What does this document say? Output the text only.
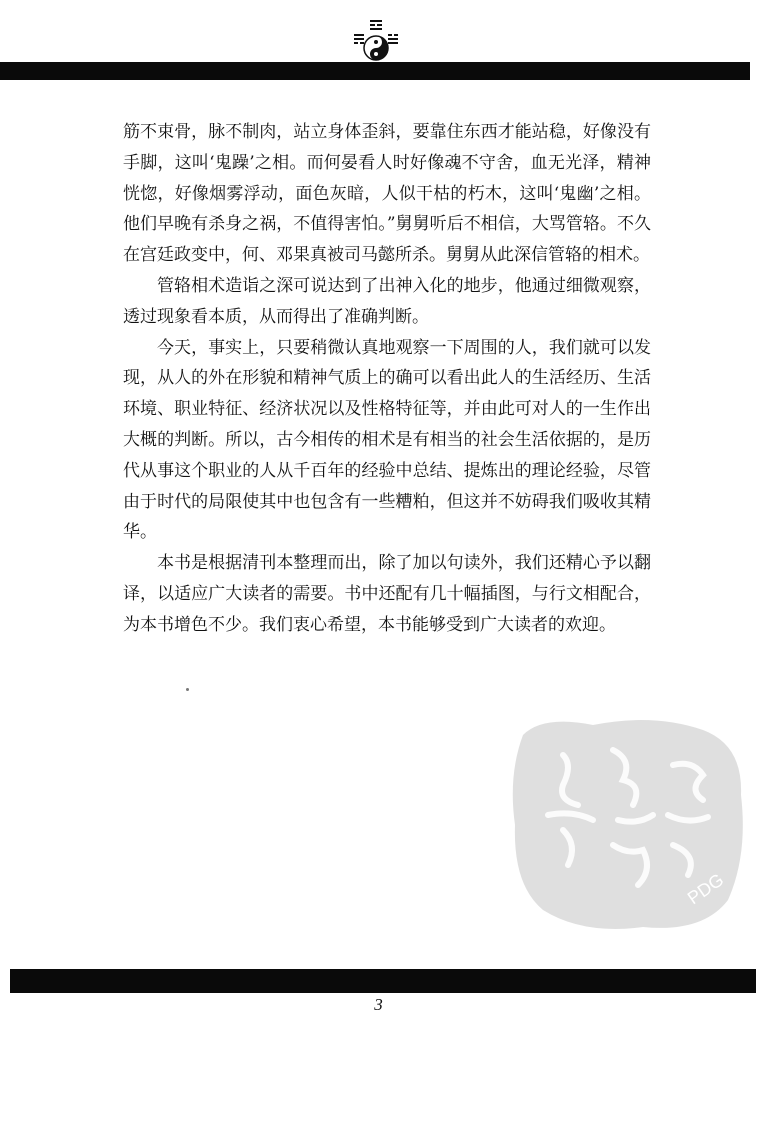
筋不束骨，脉不制肉，站立身体歪斜，要靠住东西才能站稳，好像没有手脚，这叫‘鬼躁’之相。而何晏看人时好像魂不守舍，血无光泽，精神恍惚，好像烟雾浮动，面色灰暗，人似干枯的朽木，这叫‘鬼幽’之相。他们早晚有杀身之祸，不值得害怕。”舅舅听后不相信，大骂管辂。不久在宫廷政变中，何、邓果真被司马懿所杀。舅舅从此深信管辂的相术。

管辂相术造诣之深可说达到了出神入化的地步，他通过细微观察，透过现象看本质，从而得出了准确判断。

今天，事实上，只要稍微认真地观察一下周围的人，我们就可以发现，从人的外在形貌和精神气质上的确可以看出此人的生活经历、生活环境、职业特征、经济状况以及性格特征等，并由此可对人的一生作出大概的判断。所以，古今相传的相术是有相当的社会生活依据的，是历代从事这个职业的人从千百年的经验中总结、提炼出的理论经验，尽管由于时代的局限使其中也包含有一些糟粕，但这并不妨碍我们吸收其精华。

本书是根据清刊本整理而出，除了加以句读外，我们还精心予以翻译，以适应广大读者的需要。书中还配有几十幅插图，与行文相配合，为本书增色不少。我们衷心希望，本书能够受到广大读者的欢迎。

PDG
3
